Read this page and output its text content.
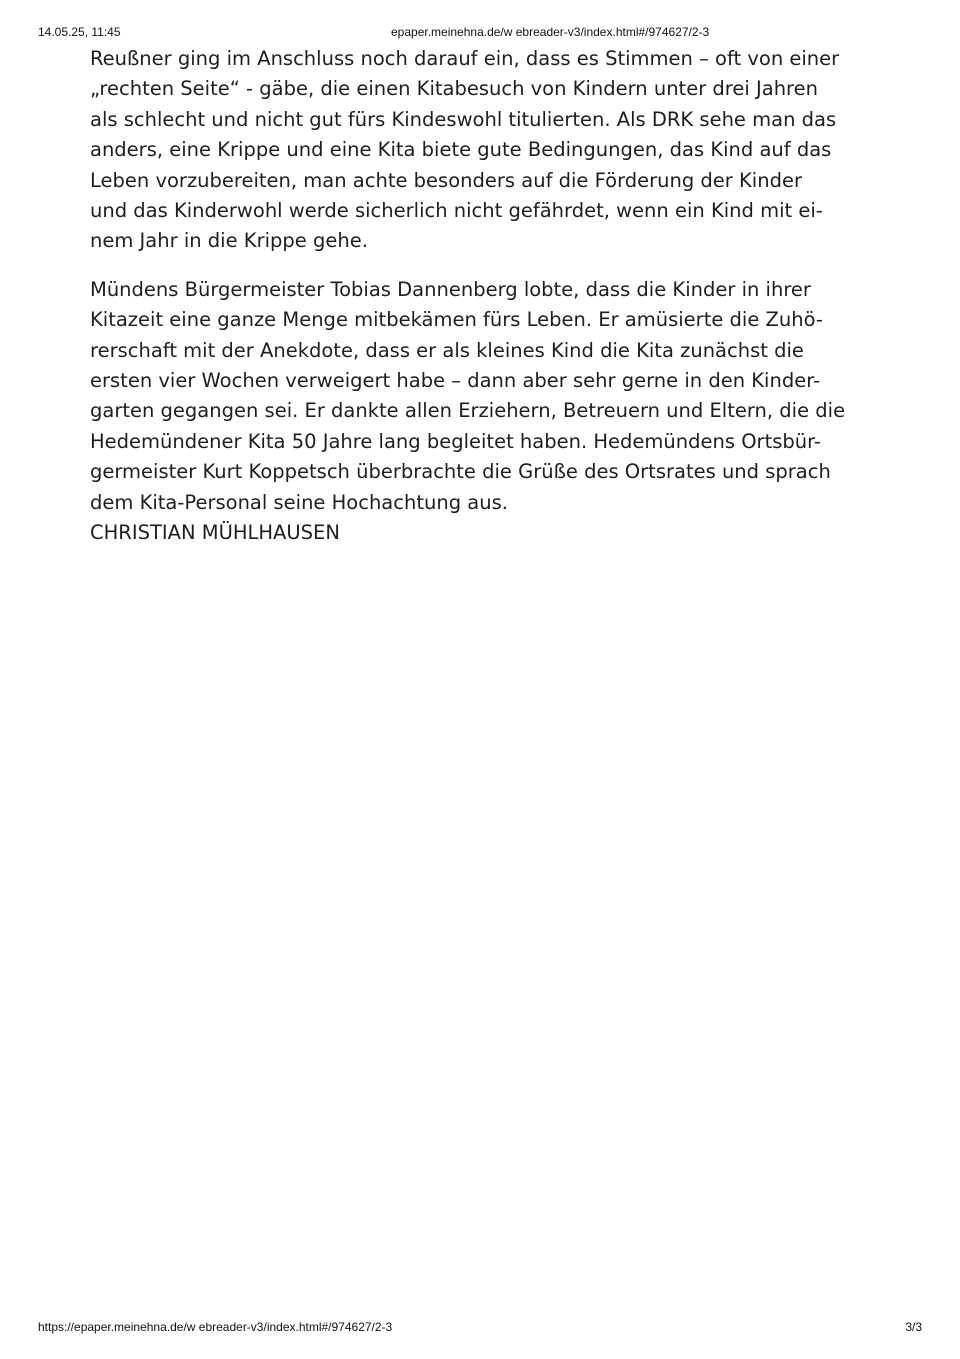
14.05.25, 11:45	epaper.meinehna.de/w ebreader-v3/index.html#/974627/2-3
Reußner ging im Anschluss noch darauf ein, dass es Stimmen – oft von einer
„rechten Seite“ - gäbe, die einen Kitabesuch von Kindern unter drei Jahren
als schlecht und nicht gut fürs Kindeswohl titulierten. Als DRK sehe man das
anders, eine Krippe und eine Kita biete gute Bedingungen, das Kind auf das
Leben vorzubereiten, man achte besonders auf die Förderung der Kinder
und das Kinderwohl werde sicherlich nicht gefährdet, wenn ein Kind mit ei-
nem Jahr in die Krippe gehe.
Mündens Bürgermeister Tobias Dannenberg lobte, dass die Kinder in ihrer
Kitazeit eine ganze Menge mitbekämen fürs Leben. Er amüsierte die Zuhö-
rerschaft mit der Anekdote, dass er als kleines Kind die Kita zunächst die
ersten vier Wochen verweigert habe – dann aber sehr gerne in den Kinder-
garten gegangen sei. Er dankte allen Erziehern, Betreuern und Eltern, die die
Hedemündener Kita 50 Jahre lang begleitet haben. Hedemündens Ortsbür-
germeister Kurt Koppetsch überbrachte die Grüße des Ortsrates und sprach
dem Kita-Personal seine Hochachtung aus.
CHRISTIAN MÜHLHAUSEN
https://epaper.meinehna.de/w ebreader-v3/index.html#/974627/2-3	3/3
